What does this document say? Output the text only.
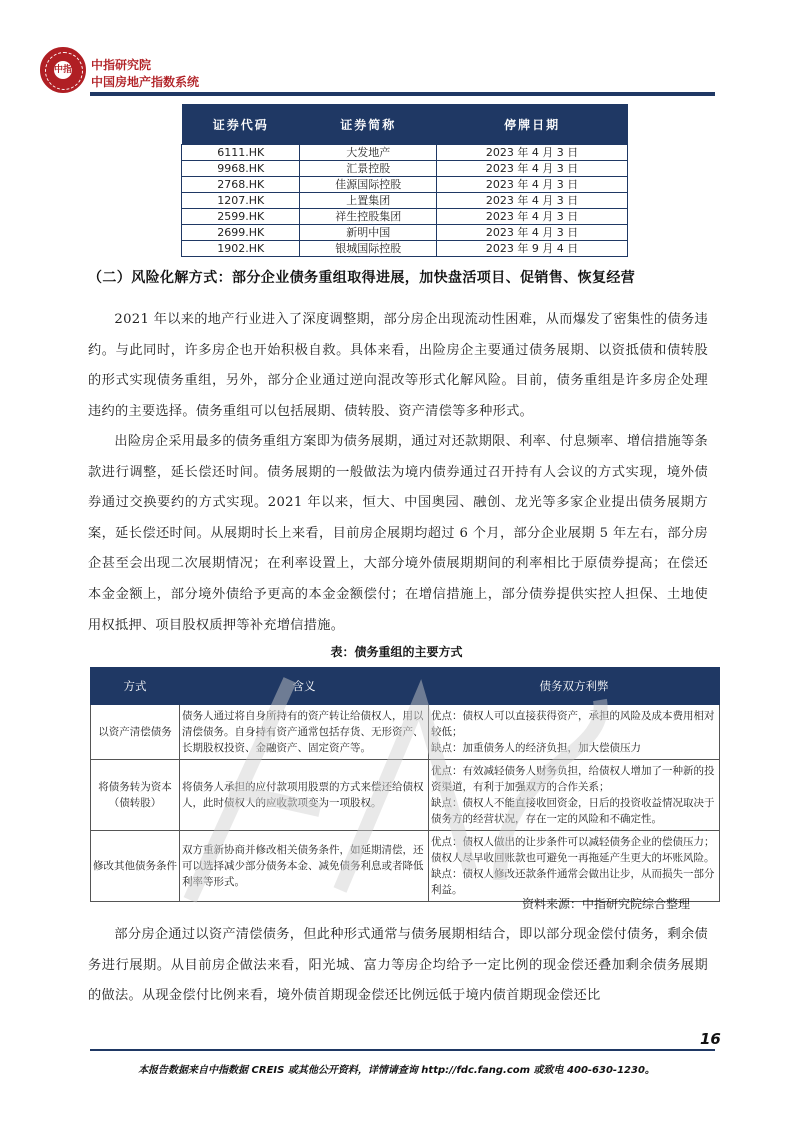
中指 中指研究院
中国房地产指数系统
证券代码	证券简称	停牌日期
6111.HK	大发地产	2023 年 4 月 3 日
9968.HK	汇景控股	2023 年 4 月 3 日
2768.HK	佳源国际控股	2023 年 4 月 3 日
1207.HK	上置集团	2023 年 4 月 3 日
2599.HK	祥生控股集团	2023 年 4 月 3 日
2699.HK	新明中国	2023 年 4 月 3 日
1902.HK	银城国际控股	2023 年 9 月 4 日
（二）风险化解方式：部分企业债务重组取得进展，加快盘活项目、促销售、恢复经营
2021 年以来的地产行业进入了深度调整期，部分房企出现流动性困难，从而爆发了密集性的债务违约。与此同时，许多房企也开始积极自救。具体来看，出险房企主要通过债务展期、以资抵债和债转股的形式实现债务重组，另外，部分企业通过逆向混改等形式化解风险。目前，债务重组是许多房企处理违约的主要选择。债务重组可以包括展期、债转股、资产清偿等多种形式。
出险房企采用最多的债务重组方案即为债务展期，通过对还款期限、利率、付息频率、增信措施等条款进行调整，延长偿还时间。债务展期的一般做法为境内债券通过召开持有人会议的方式实现，境外债券通过交换要约的方式实现。2021 年以来，恒大、中国奥园、融创、龙光等多家企业提出债务展期方案，延长偿还时间。从展期时长上来看，目前房企展期均超过 6 个月，部分企业展期 5 年左右，部分房企甚至会出现二次展期情况；在利率设置上，大部分境外债展期期间的利率相比于原债券提高；在偿还本金金额上，部分境外债给予更高的本金金额偿付；在增信措施上，部分债券提供实控人担保、土地使用权抵押、项目股权质押等补充增信措施。
表：债务重组的主要方式
方式	含义	债务双方利弊
以资产清偿债务	债务人通过将自身所持有的资产转让给债权人，用以清偿债务。自身持有资产通常包括存货、无形资产、长期股权投资、金融资产、固定资产等。	优点：债权人可以直接获得资产，承担的风险及成本费用相对较低；
缺点：加重债务人的经济负担，加大偿债压力

将债务转为资本（债转股）	将债务人承担的应付款项用股票的方式来偿还给债权人，此时债权人的应收款项变为一项股权。	优点：有效减轻债务人财务负担，给债权人增加了一种新的投资渠道，有利于加强双方的合作关系；
缺点：债权人不能直接收回资金，日后的投资收益情况取决于债务方的经营状况，存在一定的风险和不确定性。

修改其他债务条件	双方重新协商并修改相关债务条件，如延期清偿，还可以选择减少部分债务本金、减免债务利息或者降低利率等形式。	优点：债权人做出的让步条件可以减轻债务企业的偿债压力；债权人尽早收回账款也可避免一再拖延产生更大的坏账风险。
缺点：债权人修改还款条件通常会做出让步，从而损失一部分利益。
资料来源：中指研究院综合整理
部分房企通过以资产清偿债务，但此种形式通常与债务展期相结合，即以部分现金偿付债务，剩余债务进行展期。从目前房企做法来看，阳光城、富力等房企均给予一定比例的现金偿还叠加剩余债务展期的做法。从现金偿付比例来看，境外债首期现金偿还比例远低于境内债首期现金偿还比
16
本报告数据来自中指数据 CREIS 或其他公开资料，详情请查询 http://fdc.fang.com 或致电 400-630-1230。
